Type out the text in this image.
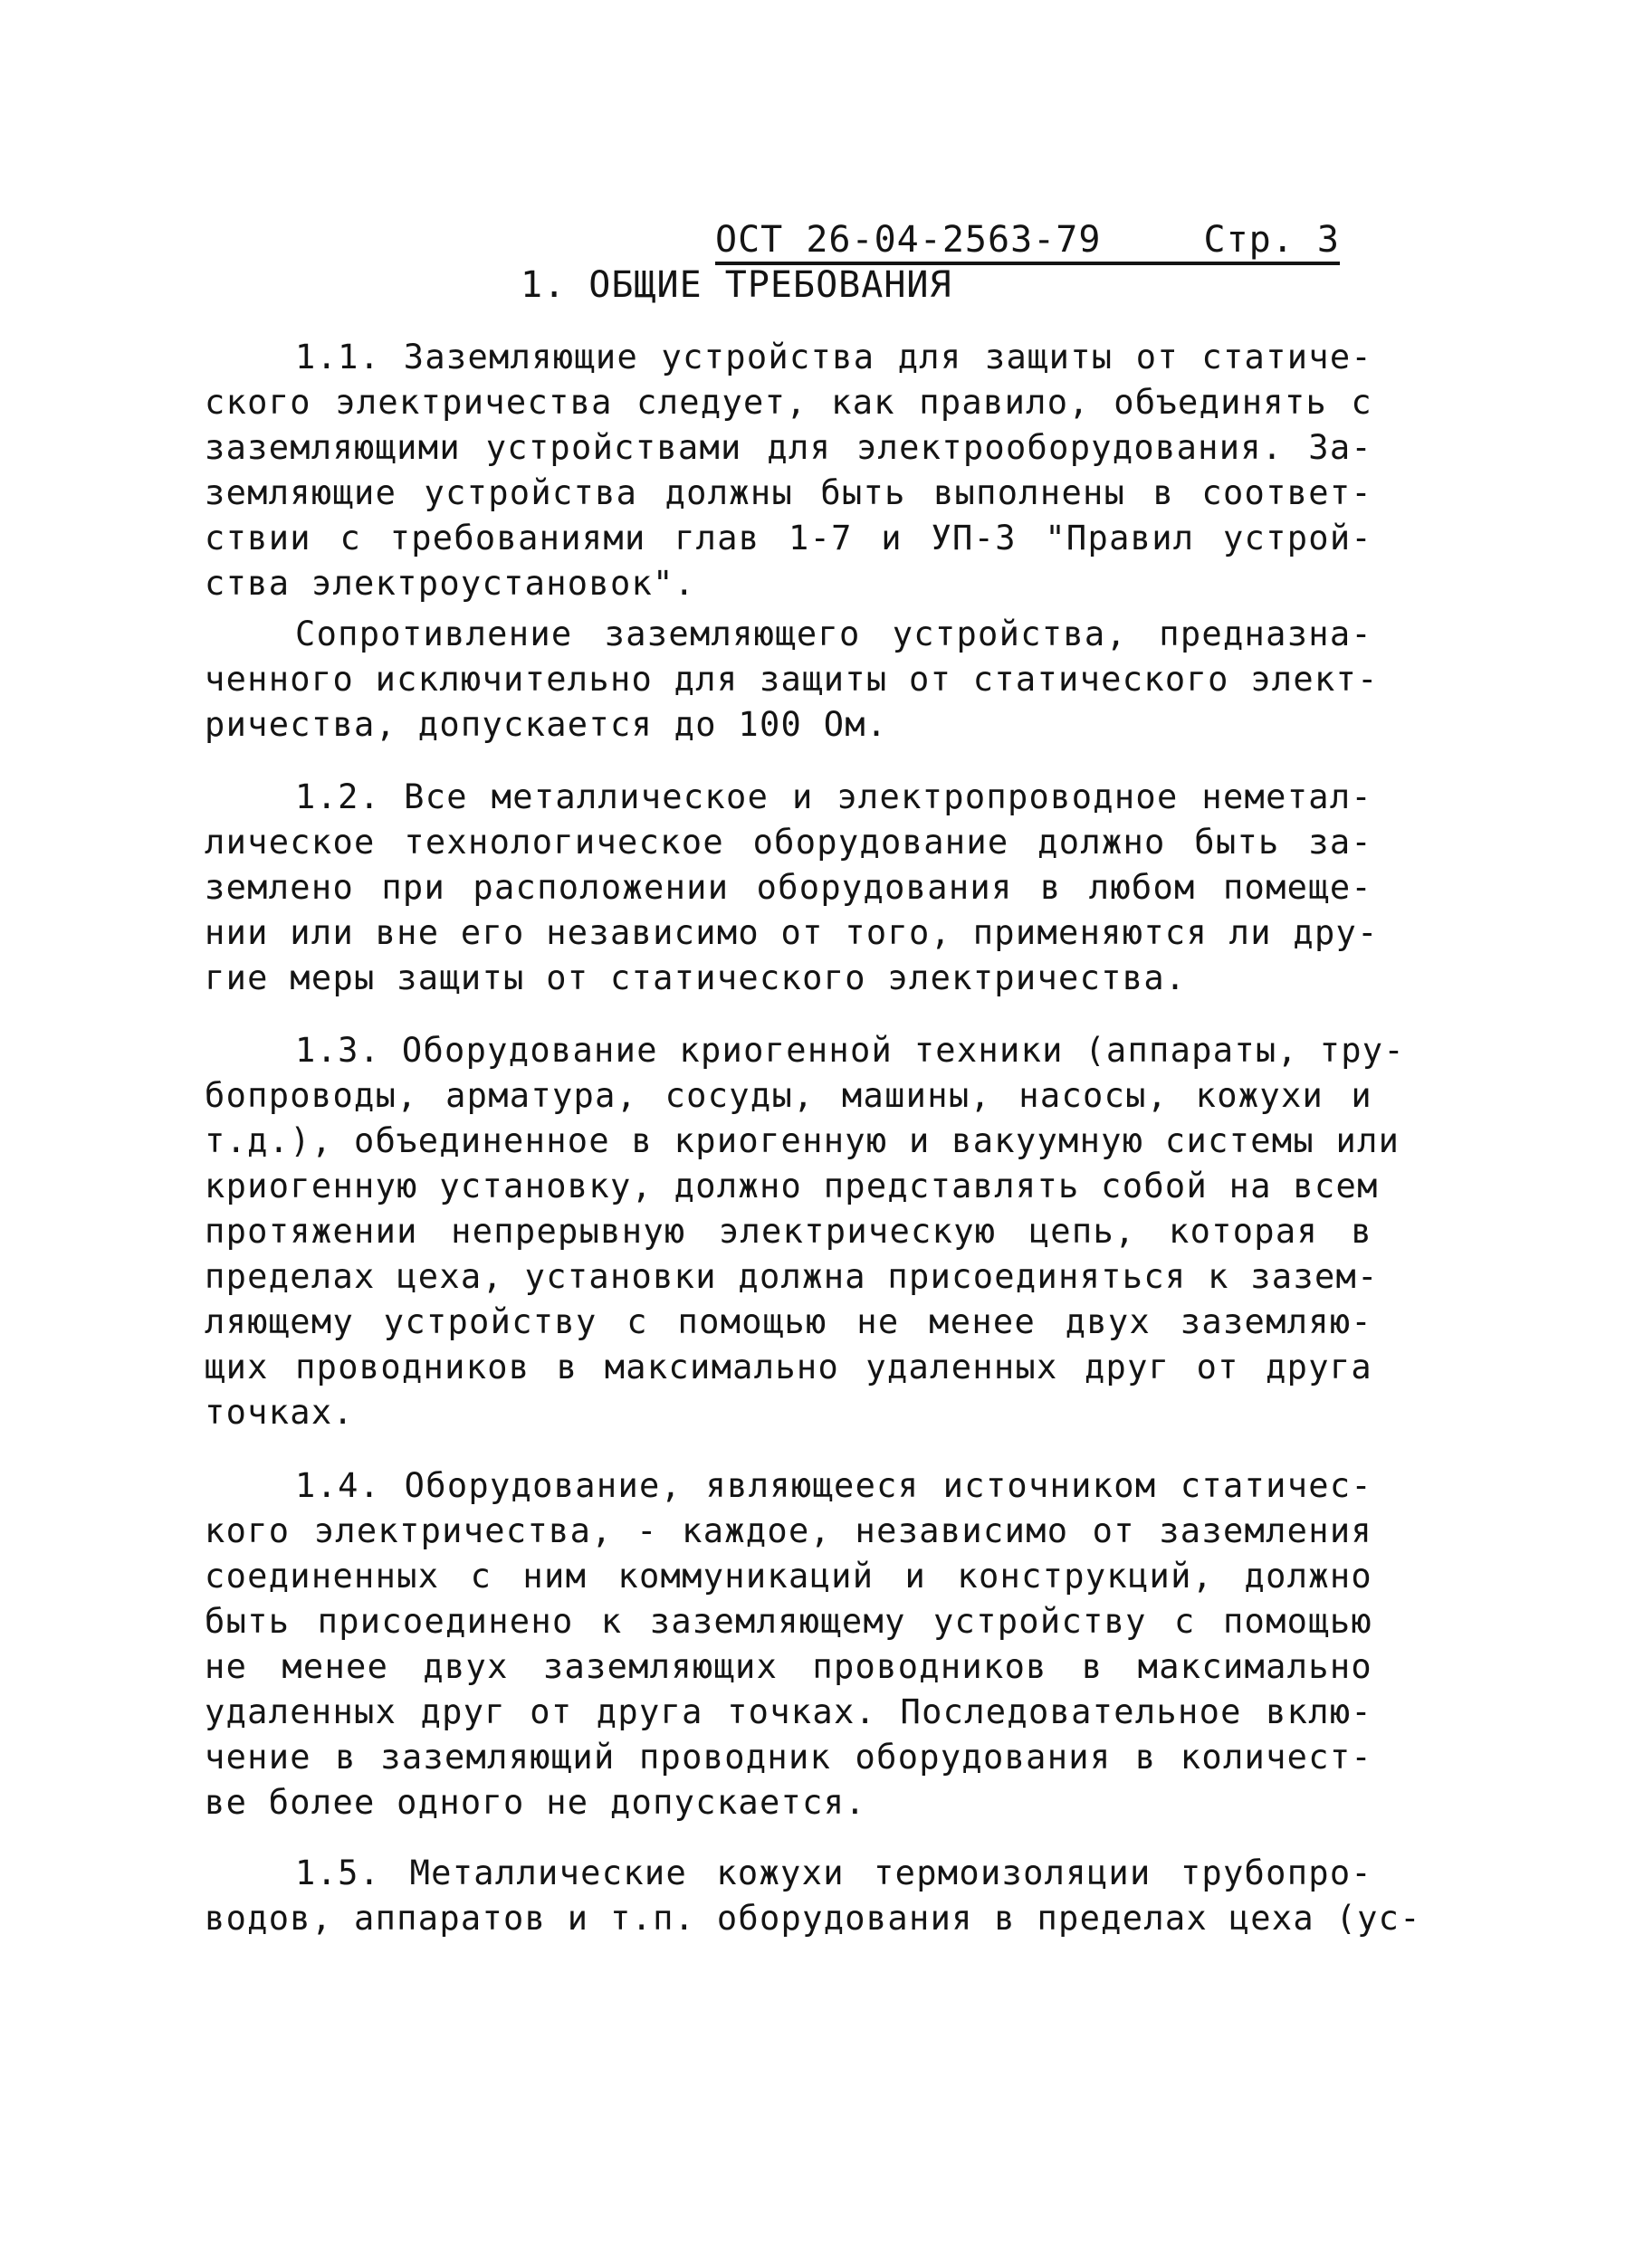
ОСТ 26-04-2563-79	Стр. 3
1. ОБЩИЕ ТРЕБОВАНИЯ
1.1. Заземляющие устройства для защиты от статиче-
ского электричества следует, как правило, объединять с
заземляющими устройствами для электрооборудования. За-
земляющие устройства должны быть выполнены в соответ-
ствии с требованиями глав 1-7 и УП-3 "Правил устрой-
ства электроустановок".
Сопротивление заземляющего устройства, предназна-
ченного исключительно для защиты от статического элект-
ричества, допускается до 100 Ом.
1.2. Все металлическое и электропроводное неметал-
лическое технологическое оборудование должно быть за-
землено при расположении оборудования в любом помеще-
нии или вне его независимо от того, применяются ли дру-
гие меры защиты от статического электричества.
1.3. Оборудование криогенной техники (аппараты, тру-
бопроводы, арматура, сосуды, машины, насосы, кожухи и
т.д.), объединенное в криогенную и вакуумную системы или
криогенную установку, должно представлять собой на всем
протяжении непрерывную электрическую цепь, которая в
пределах цеха, установки должна присоединяться к зазем-
ляющему устройству с помощью не менее двух заземляю-
щих проводников в максимально удаленных друг от друга
точках.
1.4. Оборудование, являющееся источником статичес-
кого электричества, - каждое, независимо от заземления
соединенных с ним коммуникаций и конструкций, должно
быть присоединено к заземляющему устройству с помощью
не менее двух заземляющих проводников в максимально
удаленных друг от друга точках. Последовательное вклю-
чение в заземляющий проводник оборудования в количест-
ве более одного не допускается.
1.5. Металлические кожухи термоизоляции трубопро-
водов, аппаратов и т.п. оборудования в пределах цеха (ус-
